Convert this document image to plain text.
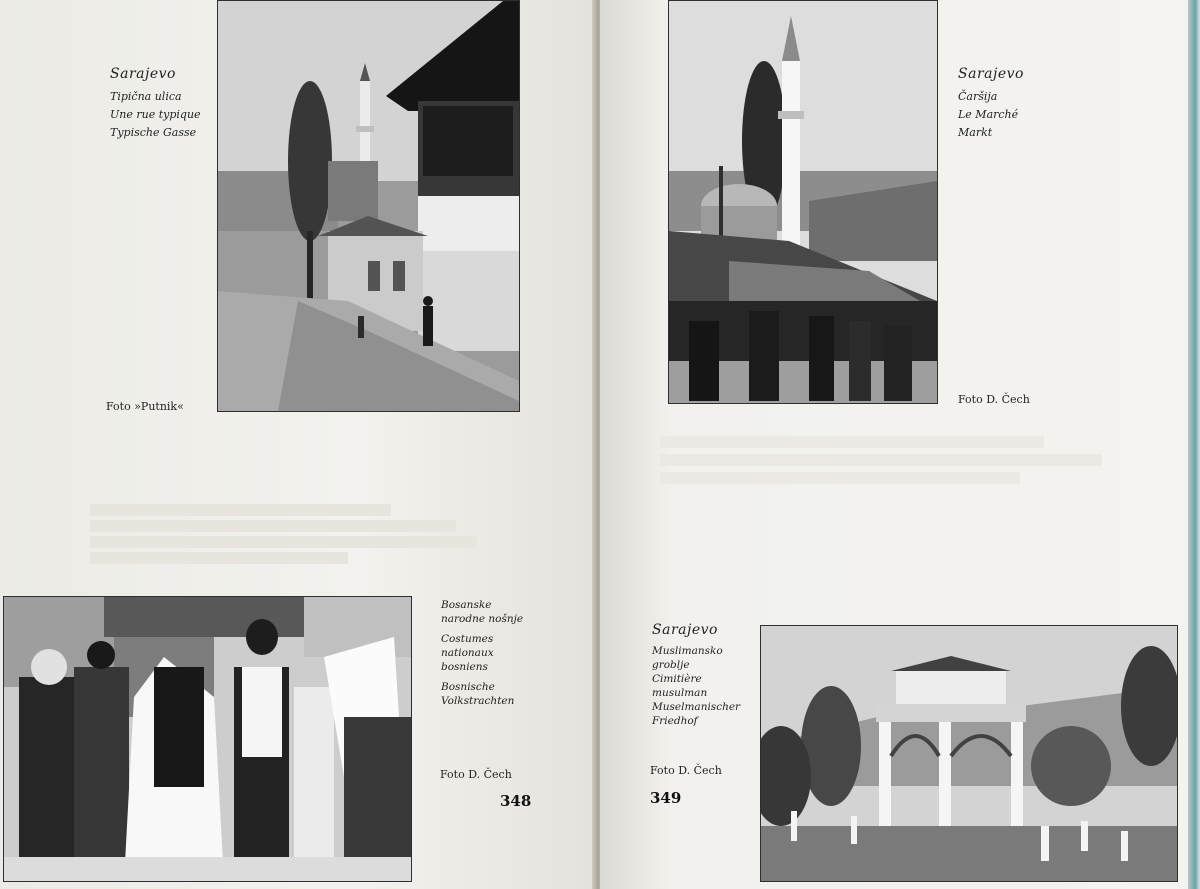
Sarajevo
Tipična ulica
Une rue typique
Typische Gasse
Foto »Putnik«
Bosanske
narodne nošnje
Costumes
nationaux
bosniens
Bosnische
Volkstrachten
Foto D. Čech
348
Sarajevo
Čaršija
Le Marché
Markt
Foto D. Čech
Sarajevo
Muslimansko
groblje
Cimitière
musulman
Muselmanischer
Friedhof
Foto D. Čech
349
